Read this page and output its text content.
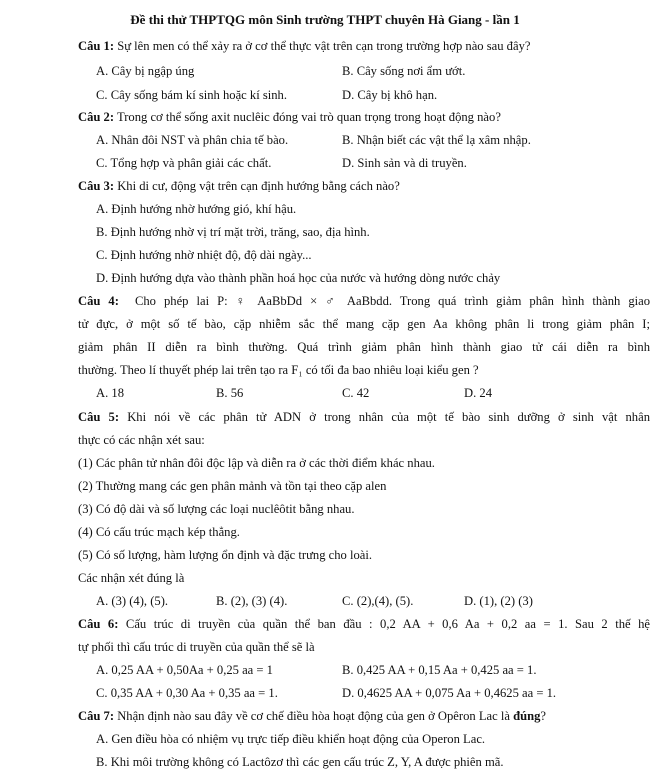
Đề thi thử THPTQG môn Sinh trường THPT chuyên Hà Giang - lần 1
Câu 1: Sự lên men có thể xảy ra ở cơ thể thực vật trên cạn trong trường hợp nào sau đây?
A. Cây bị ngập úng	B. Cây sống nơi ẩm ướt.
C. Cây sống bám kí sinh hoặc kí sinh.	D. Cây bị khô hạn.
Câu 2: Trong cơ thể sống axit nuclêic đóng vai trò quan trọng trong hoạt động nào?
A. Nhân đôi NST và phân chia tế bào.	B. Nhận biết các vật thể lạ xâm nhập.
C. Tổng hợp và phân giải các chất.	D. Sinh sản và di truyền.
Câu 3: Khi di cư, động vật trên cạn định hướng bằng cách nào?
A. Định hướng nhờ hướng gió, khí hậu.
B. Định hướng nhờ vị trí mặt trời, trăng, sao, địa hình.
C. Định hướng nhờ nhiệt độ, độ dài ngày...
D. Định hướng dựa vào thành phần hoá học của nước và hướng dòng nước chảy
Câu 4: Cho phép lai P: ♀ AaBbDd × ♂ AaBbdd. Trong quá trình giảm phân hình thành giao
tử đực, ở một số tế bào, cặp nhiễm sắc thể mang cặp gen Aa không phân li trong giảm phân I;
giảm phân II diễn ra bình thường. Quá trình giảm phân hình thành giao tử cái diễn ra bình
thường. Theo lí thuyết phép lai trên tạo ra F₁ có tối đa bao nhiêu loại kiểu gen ?
A. 18	B. 56	C. 42	D. 24
Câu 5: Khi nói về các phân tử ADN ở trong nhân của một tế bào sinh dưỡng ở sinh vật nhân
thực có các nhận xét sau:
(1) Các phân tử nhân đôi độc lập và diễn ra ở các thời điểm khác nhau.
(2) Thường mang các gen phân mảnh và tồn tại theo cặp alen
(3) Có độ dài và số lượng các loại nuclêôtit bằng nhau.
(4) Có cấu trúc mạch kép thẳng.
(5) Có số lượng, hàm lượng ổn định và đặc trưng cho loài.
Các nhận xét đúng là
A. (3) (4), (5).	B. (2), (3) (4).	C. (2),(4), (5).	D. (1), (2) (3)
Câu 6: Cấu trúc di truyền của quần thể ban đầu : 0,2 AA + 0,6 Aa + 0,2 aa = 1. Sau 2 thế hệ
tự phối thì cấu trúc di truyền của quần thể sẽ là
A. 0,25 AA + 0,50Aa + 0,25 aa = 1	B. 0,425 AA + 0,15 Aa + 0,425 aa = 1.
C. 0,35 AA + 0,30 Aa + 0,35 aa = 1.	D. 0,4625 AA + 0,075 Aa + 0,4625 aa = 1.
Câu 7: Nhận định nào sau đây về cơ chế điều hòa hoạt động của gen ở Opêron Lac là đúng?
A. Gen điều hòa có nhiệm vụ trực tiếp điều khiển hoạt động của Operon Lac.
B. Khi môi trường không có Lactôzơ thì các gen cấu trúc Z, Y, A được phiên mã.
